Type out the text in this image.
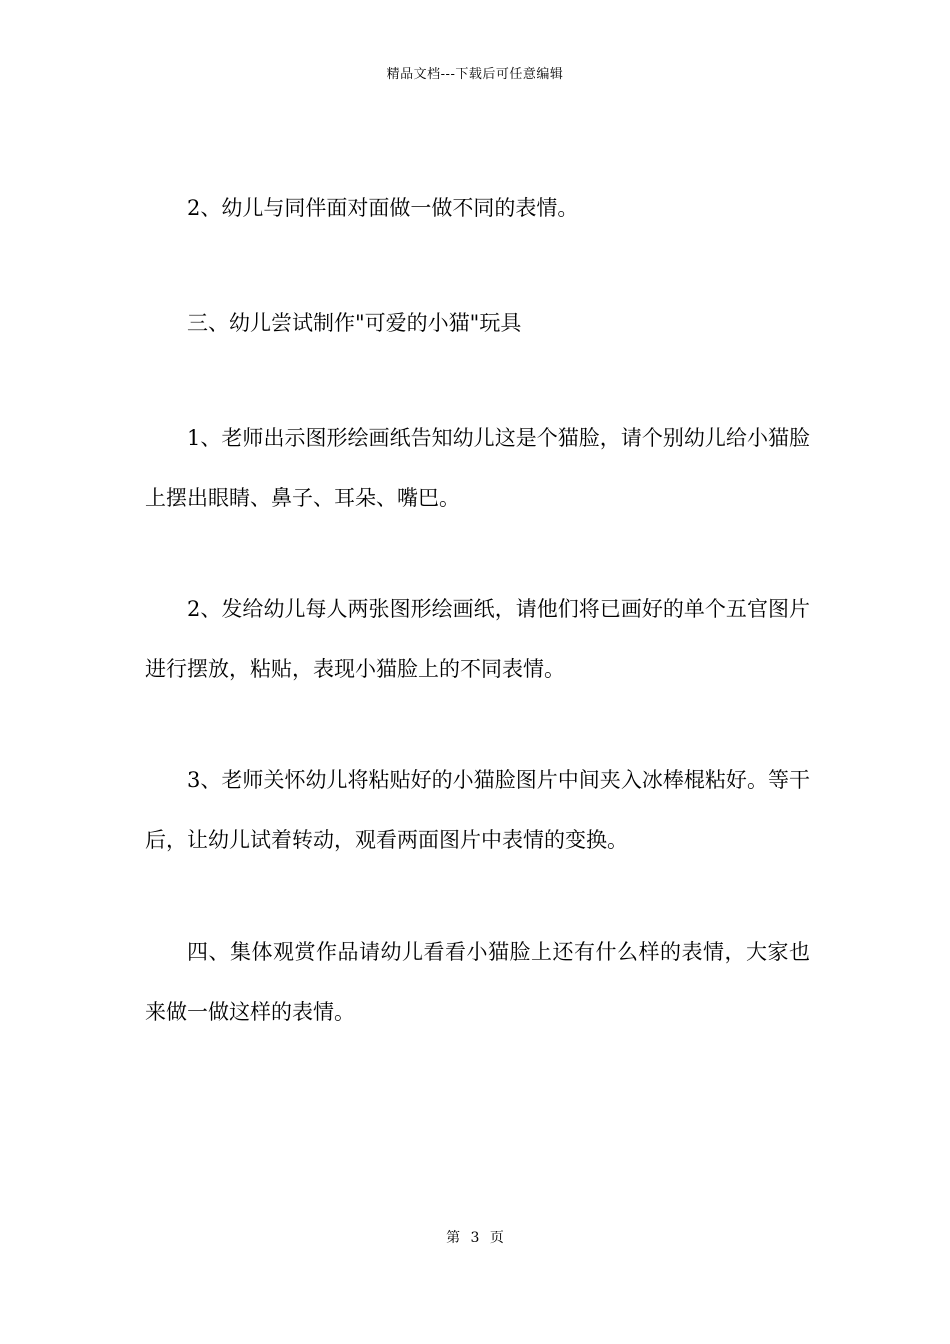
精品文档---下载后可任意编辑

2、幼儿与同伴面对面做一做不同的表情。

三、幼儿尝试制作"可爱的小猫"玩具

1、老师出示图形绘画纸告知幼儿这是个猫脸，请个别幼儿给小猫脸上摆出眼睛、鼻子、耳朵、嘴巴。

2、发给幼儿每人两张图形绘画纸，请他们将已画好的单个五官图片进行摆放，粘贴，表现小猫脸上的不同表情。

3、老师关怀幼儿将粘贴好的小猫脸图片中间夹入冰棒棍粘好。等干后，让幼儿试着转动，观看两面图片中表情的变换。

四、集体观赏作品请幼儿看看小猫脸上还有什么样的表情，大家也来做一做这样的表情。

第 3 页
